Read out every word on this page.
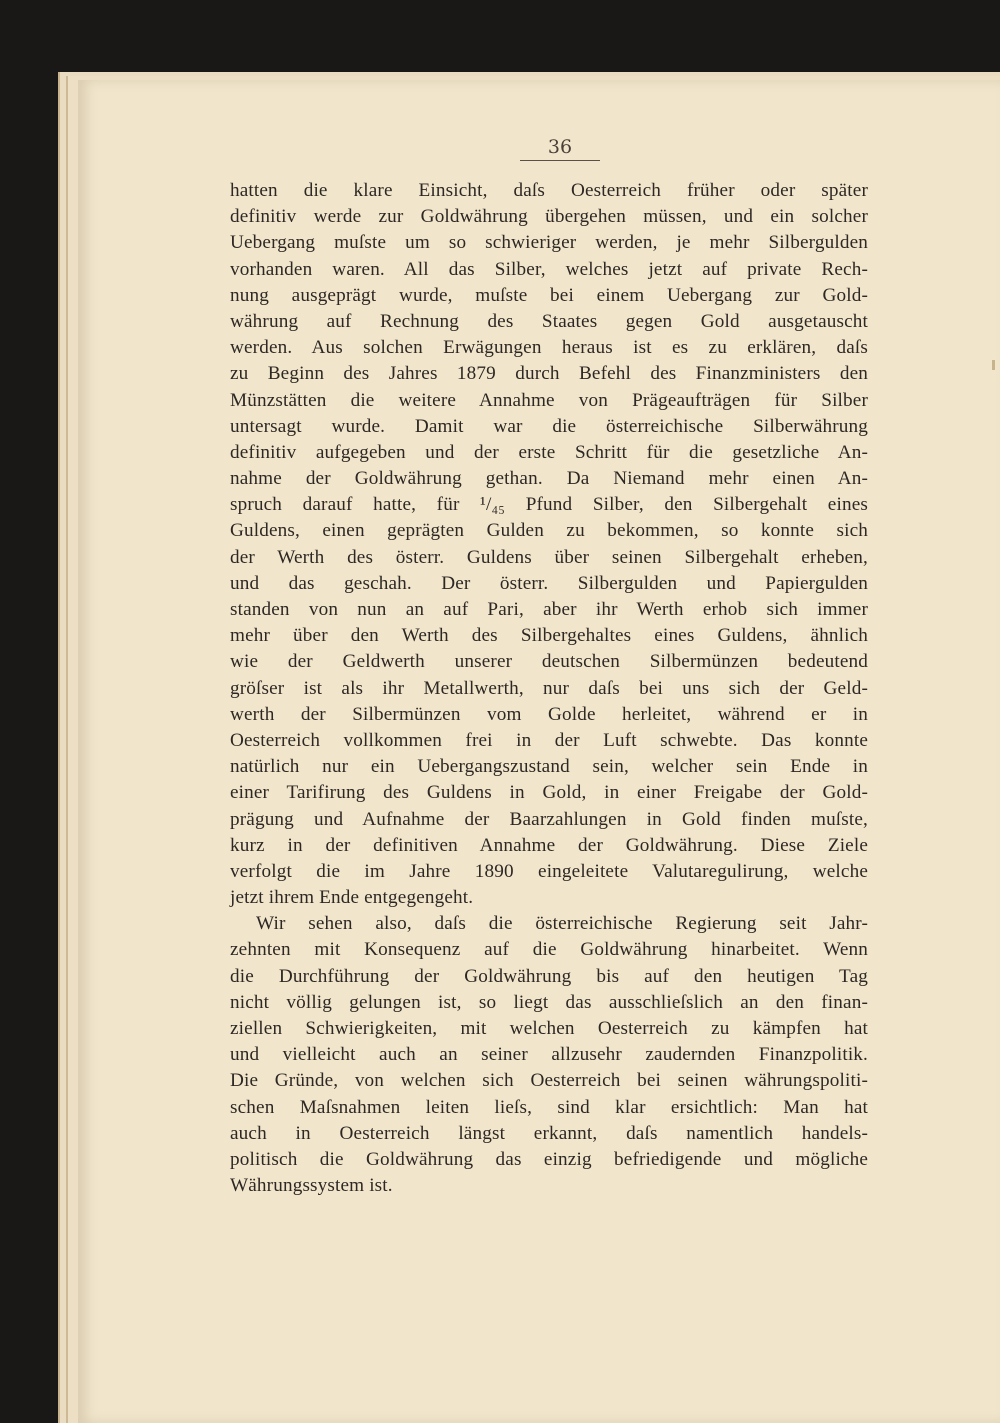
36
hatten die klare Einsicht, daſs Oesterreich früher oder später
definitiv werde zur Goldwährung übergehen müssen, und ein solcher
Uebergang muſste um so schwieriger werden, je mehr Silbergulden
vorhanden waren. All das Silber, welches jetzt auf private Rech-
nung ausgeprägt wurde, muſste bei einem Uebergang zur Gold-
währung auf Rechnung des Staates gegen Gold ausgetauscht
werden. Aus solchen Erwägungen heraus ist es zu erklären, daſs
zu Beginn des Jahres 1879 durch Befehl des Finanzministers den
Münzstätten die weitere Annahme von Prägeaufträgen für Silber
untersagt wurde. Damit war die österreichische Silberwährung
definitiv aufgegeben und der erste Schritt für die gesetzliche An-
nahme der Goldwährung gethan. Da Niemand mehr einen An-
spruch darauf hatte, für ¹/₄₅ Pfund Silber, den Silbergehalt eines
Guldens, einen geprägten Gulden zu bekommen, so konnte sich
der Werth des österr. Guldens über seinen Silbergehalt erheben,
und das geschah. Der österr. Silbergulden und Papiergulden
standen von nun an auf Pari, aber ihr Werth erhob sich immer
mehr über den Werth des Silbergehaltes eines Guldens, ähnlich
wie der Geldwerth unserer deutschen Silbermünzen bedeutend
gröſser ist als ihr Metallwerth, nur daſs bei uns sich der Geld-
werth der Silbermünzen vom Golde herleitet, während er in
Oesterreich vollkommen frei in der Luft schwebte. Das konnte
natürlich nur ein Uebergangszustand sein, welcher sein Ende in
einer Tarifirung des Guldens in Gold, in einer Freigabe der Gold-
prägung und Aufnahme der Baarzahlungen in Gold finden muſste,
kurz in der definitiven Annahme der Goldwährung. Diese Ziele
verfolgt die im Jahre 1890 eingeleitete Valutaregulirung, welche
jetzt ihrem Ende entgegengeht.
Wir sehen also, daſs die österreichische Regierung seit Jahr-
zehnten mit Konsequenz auf die Goldwährung hinarbeitet. Wenn
die Durchführung der Goldwährung bis auf den heutigen Tag
nicht völlig gelungen ist, so liegt das ausschlieſslich an den finan-
ziellen Schwierigkeiten, mit welchen Oesterreich zu kämpfen hat
und vielleicht auch an seiner allzusehr zaudernden Finanzpolitik.
Die Gründe, von welchen sich Oesterreich bei seinen währungspoliti-
schen Maſsnahmen leiten lieſs, sind klar ersichtlich: Man hat
auch in Oesterreich längst erkannt, daſs namentlich handels-
politisch die Goldwährung das einzig befriedigende und mögliche
Währungssystem ist.
